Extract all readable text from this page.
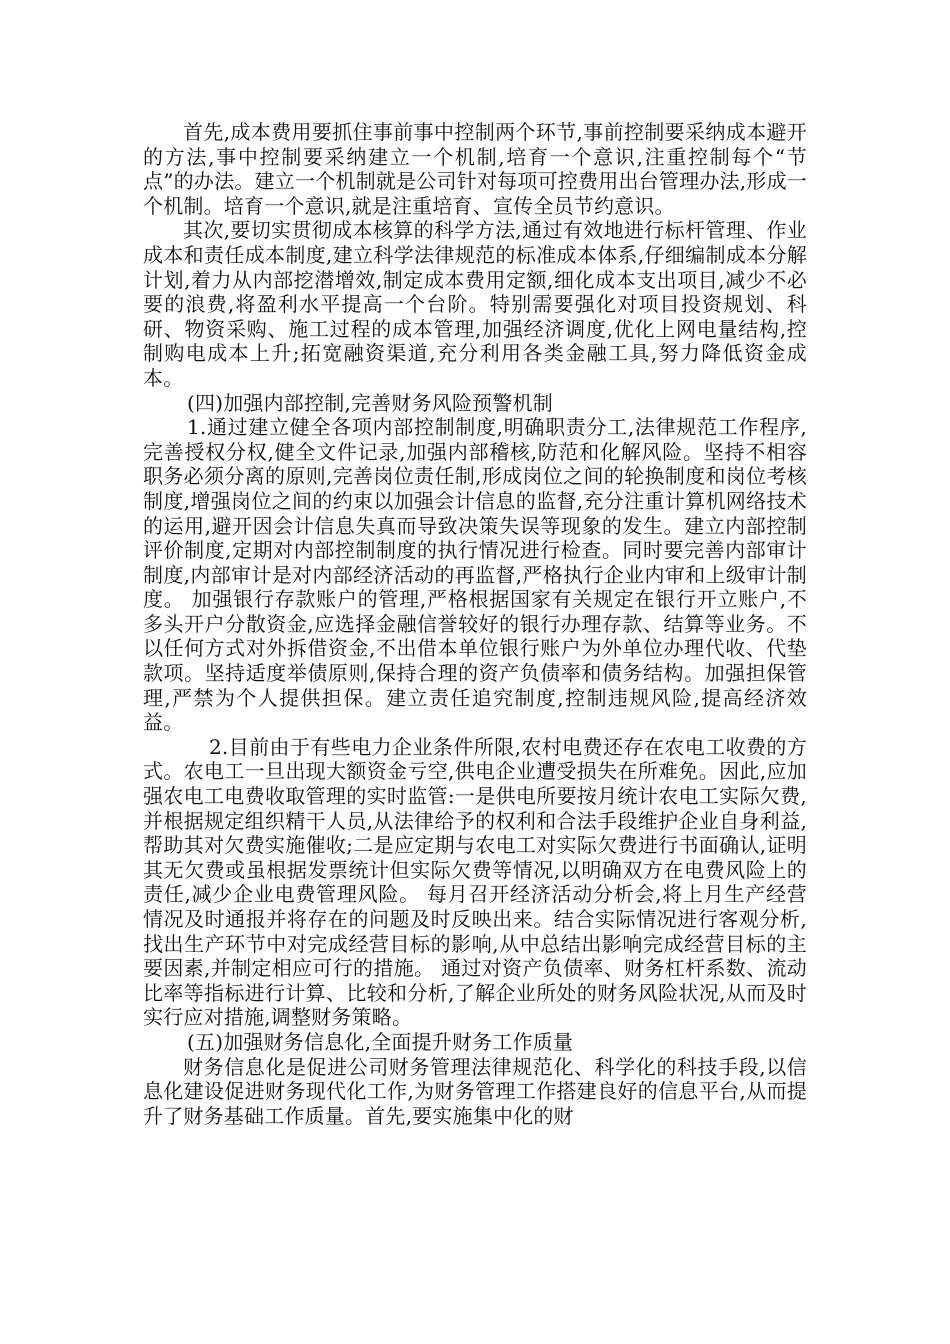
首先,成本费用要抓住事前事中控制两个环节,事前控制要采纳成本避开的方法,事中控制要采纳建立一个机制,培育一个意识,注重控制每个“节点”的办法。建立一个机制就是公司针对每项可控费用出台管理办法,形成一个机制。培育一个意识,就是注重培育、宣传全员节约意识。

其次,要切实贯彻成本核算的科学方法,通过有效地进行标杆管理、作业成本和责任成本制度,建立科学法律规范的标准成本体系,仔细编制成本分解计划,着力从内部挖潜增效,制定成本费用定额,细化成本支出项目,减少不必要的浪费,将盈利水平提高一个台阶。特别需要强化对项目投资规划、科研、物资采购、施工过程的成本管理,加强经济调度,优化上网电量结构,控制购电成本上升;拓宽融资渠道,充分利用各类金融工具,努力降低资金成本。

(四)加强内部控制,完善财务风险预警机制

1.通过建立健全各项内部控制制度,明确职责分工,法律规范工作程序,完善授权分权,健全文件记录,加强内部稽核,防范和化解风险。坚持不相容职务必须分离的原则,完善岗位责任制,形成岗位之间的轮换制度和岗位考核制度,增强岗位之间的约束以加强会计信息的监督,充分注重计算机网络技术的运用,避开因会计信息失真而导致决策失误等现象的发生。建立内部控制评价制度,定期对内部控制制度的执行情况进行检查。同时要完善内部审计制度,内部审计是对内部经济活动的再监督,严格执行企业内审和上级审计制度。 加强银行存款账户的管理,严格根据国家有关规定在银行开立账户,不多头开户分散资金,应选择金融信誉较好的银行办理存款、结算等业务。不以任何方式对外拆借资金,不出借本单位银行账户为外单位办理代收、代垫款项。坚持适度举债原则,保持合理的资产负债率和债务结构。加强担保管理,严禁为个人提供担保。建立责任追究制度,控制违规风险,提高经济效益。

2.目前由于有些电力企业条件所限,农村电费还存在农电工收费的方式。农电工一旦出现大额资金亏空,供电企业遭受损失在所难免。因此,应加强农电工电费收取管理的实时监管:一是供电所要按月统计农电工实际欠费,并根据规定组织精干人员,从法律给予的权利和合法手段维护企业自身利益,帮助其对欠费实施催收;二是应定期与农电工对实际欠费进行书面确认,证明其无欠费或虽根据发票统计但实际欠费等情况,以明确双方在电费风险上的责任,减少企业电费管理风险。 每月召开经济活动分析会,将上月生产经营情况及时通报并将存在的问题及时反映出来。结合实际情况进行客观分析,找出生产环节中对完成经营目标的影响,从中总结出影响完成经营目标的主要因素,并制定相应可行的措施。 通过对资产负债率、财务杠杆系数、流动比率等指标进行计算、比较和分析,了解企业所处的财务风险状况,从而及时实行应对措施,调整财务策略。

(五)加强财务信息化,全面提升财务工作质量

财务信息化是促进公司财务管理法律规范化、科学化的科技手段,以信息化建设促进财务现代化工作,为财务管理工作搭建良好的信息平台,从而提升了财务基础工作质量。首先,要实施集中化的财
